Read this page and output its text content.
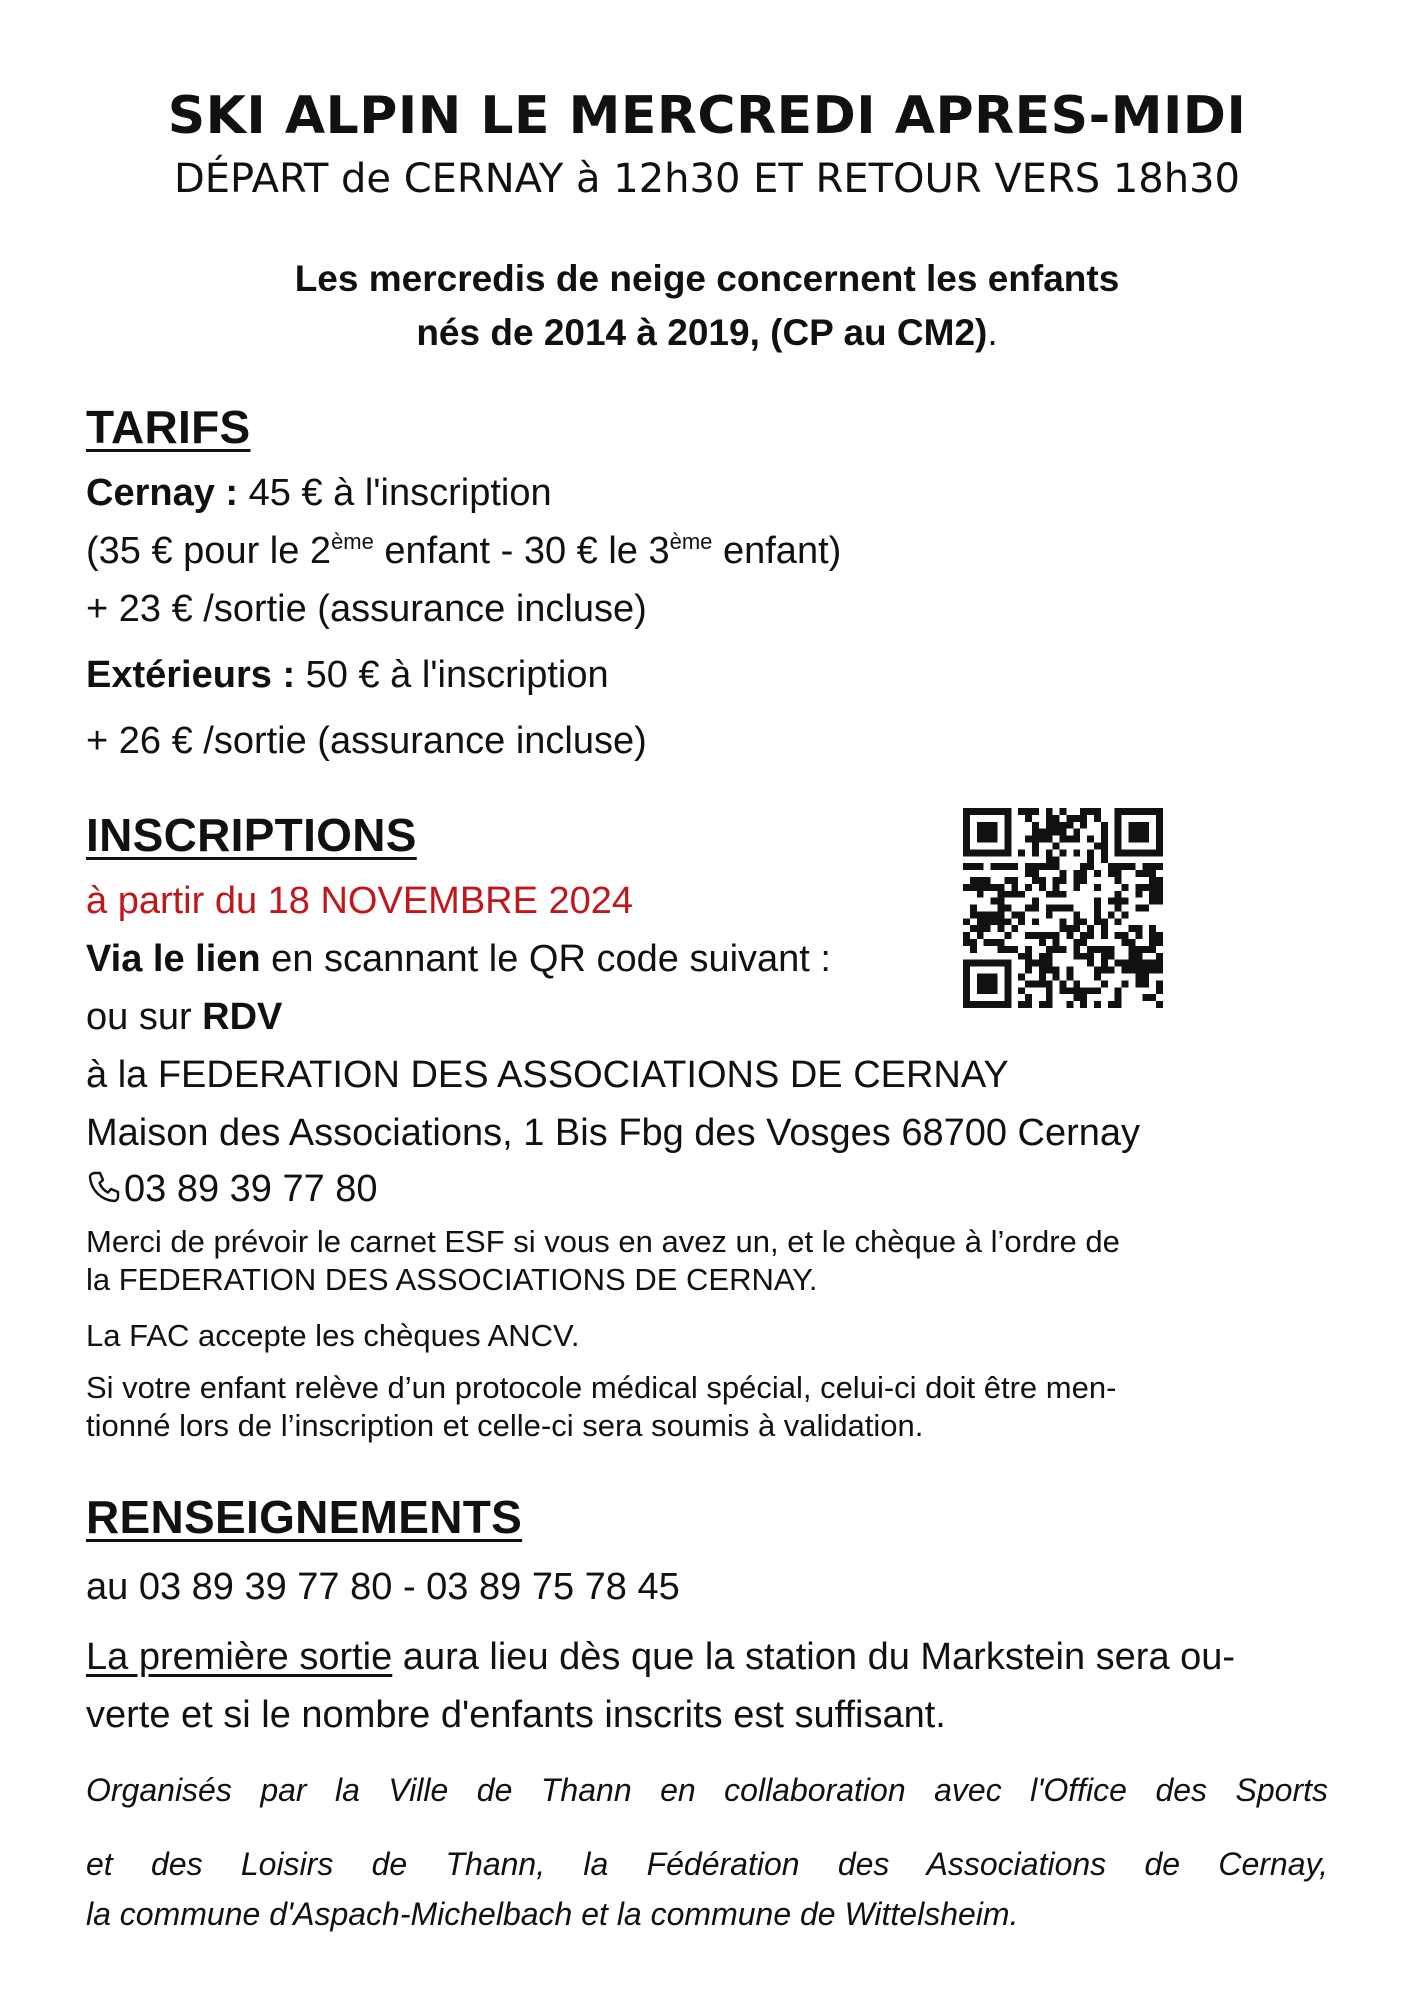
SKI ALPIN LE MERCREDI APRES-MIDI
DÉPART de CERNAY à 12h30 ET RETOUR VERS 18h30
Les mercredis de neige concernent les enfants
nés de 2014 à 2019, (CP au CM2).
TARIFS
Cernay : 45 € à l'inscription
(35 € pour le 2ème enfant - 30 € le 3ème enfant)
+ 23 € /sortie (assurance incluse)
Extérieurs : 50 € à l'inscription
+ 26 € /sortie (assurance incluse)
INSCRIPTIONS
à partir du 18 NOVEMBRE 2024
Via le lien en scannant le QR code suivant :
ou sur RDV
à la FEDERATION DES ASSOCIATIONS DE CERNAY
Maison des Associations, 1 Bis Fbg des Vosges 68700 Cernay
03 89 39 77 80
Merci de prévoir le carnet ESF si vous en avez un, et le chèque à l’ordre de
la FEDERATION DES ASSOCIATIONS DE CERNAY.
La FAC accepte les chèques ANCV.
Si votre enfant relève d’un protocole médical spécial, celui-ci doit être men-
tionné lors de l’inscription et celle-ci sera soumis à validation.
RENSEIGNEMENTS
au 03 89 39 77 80 - 03 89 75 78 45
La première sortie aura lieu dès que la station du Markstein sera ou-
verte et si le nombre d'enfants inscrits est suffisant.
Organisés par la Ville de Thann en collaboration avec l'Office des Sports
et des Loisirs de Thann, la Fédération des Associations de Cernay,
la commune d'Aspach-Michelbach et la commune de Wittelsheim.
